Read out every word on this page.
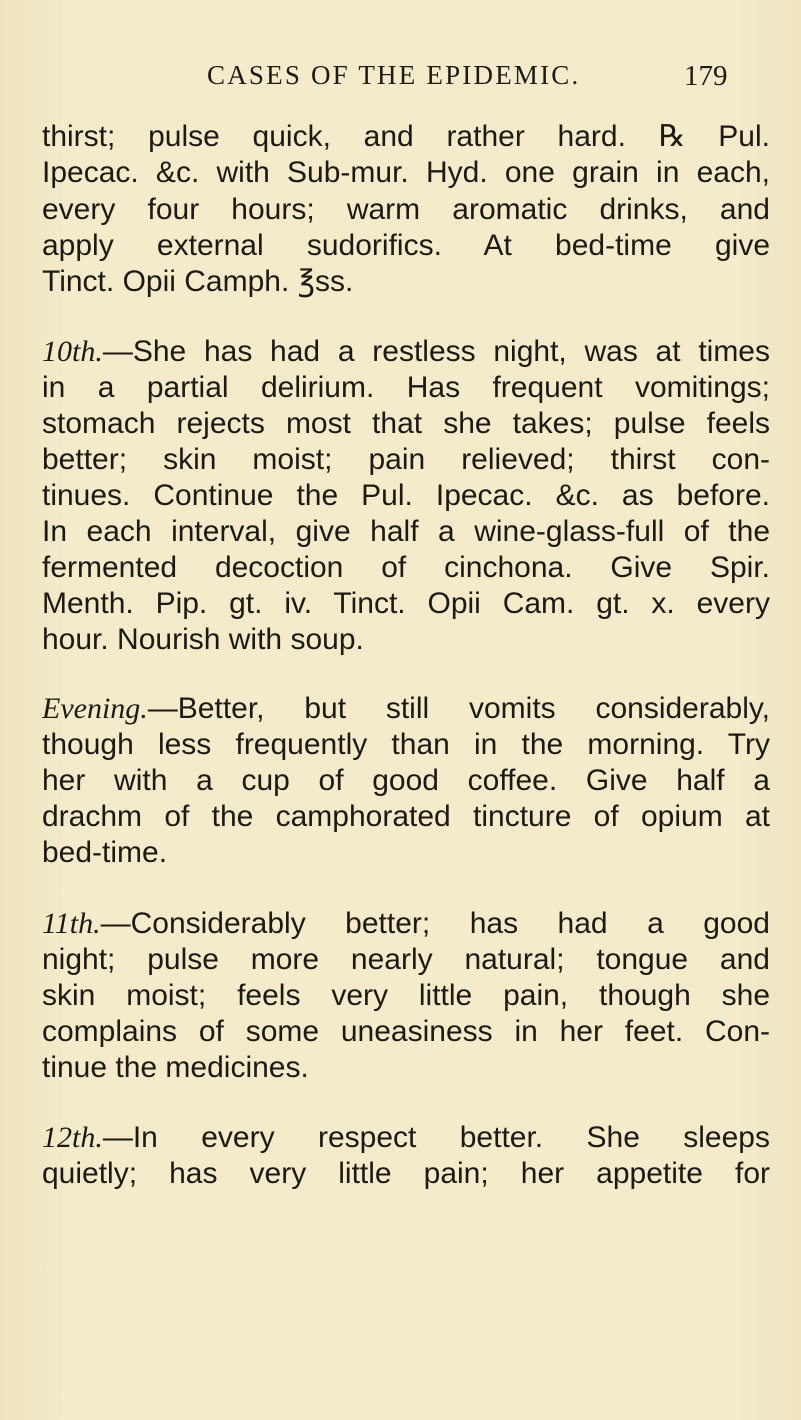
CASES OF THE EPIDEMIC.	179
thirst; pulse quick, and rather hard. ℞ Pul.
Ipecac. &c. with Sub-mur. Hyd. one grain in each,
every four hours; warm aromatic drinks, and
apply external sudorifics. At bed-time give
Tinct. Opii Camph. ℥ss.
10th.—She has had a restless night, was at times
in a partial delirium. Has frequent vomitings;
stomach rejects most that she takes; pulse feels
better; skin moist; pain relieved; thirst con-
tinues. Continue the Pul. Ipecac. &c. as before.
In each interval, give half a wine-glass-full of the
fermented decoction of cinchona. Give Spir.
Menth. Pip. gt. iv. Tinct. Opii Cam. gt. x. every
hour. Nourish with soup.
Evening.—Better, but still vomits considerably,
though less frequently than in the morning. Try
her with a cup of good coffee. Give half a
drachm of the camphorated tincture of opium at
bed-time.
11th.—Considerably better; has had a good
night; pulse more nearly natural; tongue and
skin moist; feels very little pain, though she
complains of some uneasiness in her feet. Con-
tinue the medicines.
12th.—In every respect better. She sleeps
quietly; has very little pain; her appetite for
